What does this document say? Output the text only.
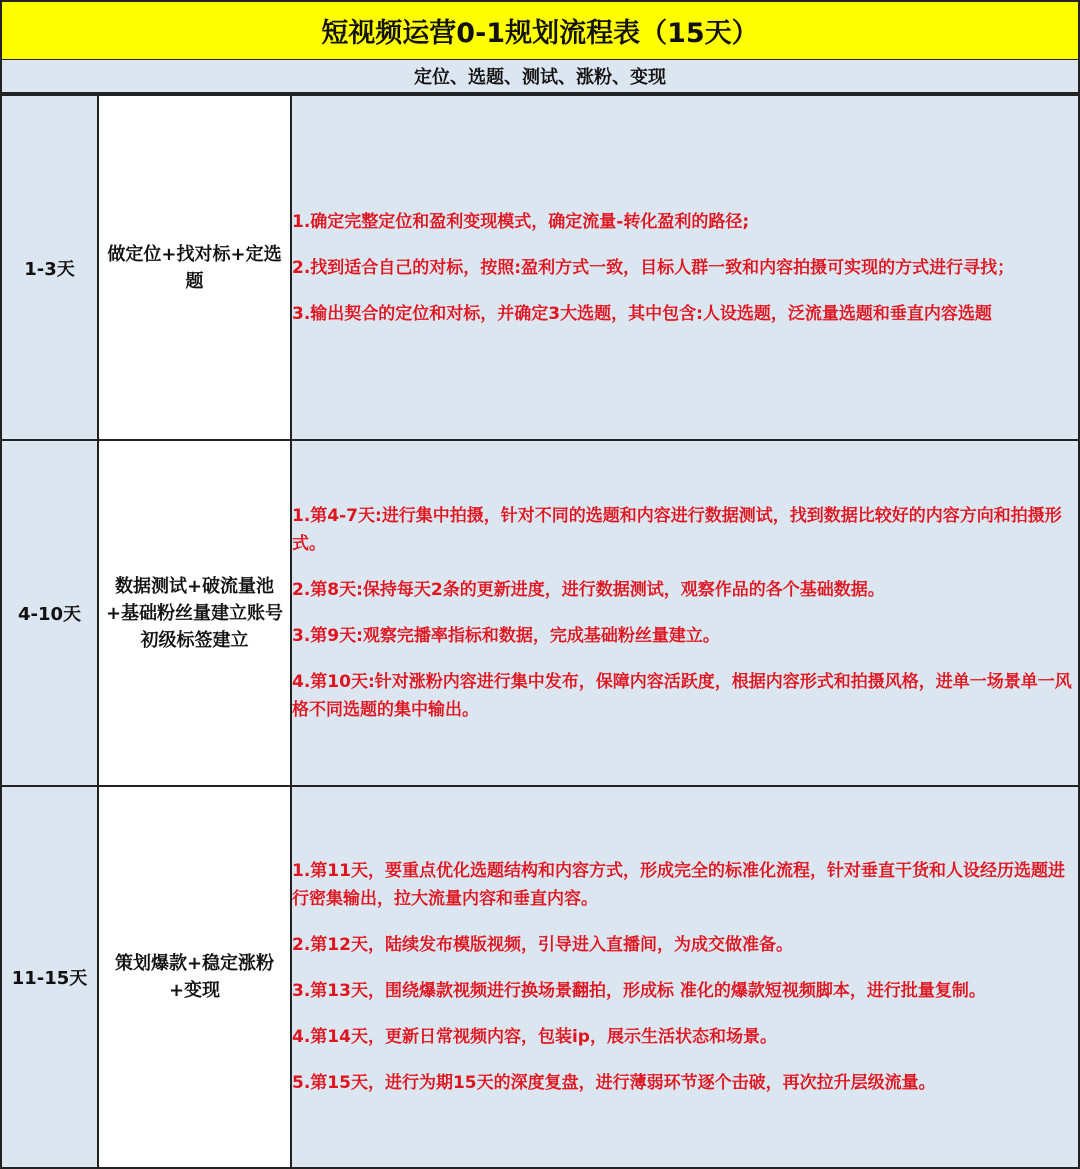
短视频运营0-1规划流程表（15天）
定位、选题、测试、涨粉、变现
1-3天	做定位+找对标+定选题	1.确定完整定位和盈利变现模式，确定流量-转化盈利的路径;

2.找到适合自己的对标，按照:盈利方式一致，目标人群一致和内容拍摄可实现的方式进行寻找；

3.输出契合的定位和对标，并确定3大选题，其中包含:人设选题，泛流量选题和垂直内容选题

4-10天	数据测试+破流量池+基础粉丝量建立账号初级标签建立	1.第4-7天:进行集中拍摄，针对不同的选题和内容进行数据测试，找到数据比较好的内容方向和拍摄形式。

2.第8天:保持每天2条的更新进度，进行数据测试，观察作品的各个基础数据。

3.第9天:观察完播率指标和数据，完成基础粉丝量建立。

4.第10天:针对涨粉内容进行集中发布，保障内容活跃度，根据内容形式和拍摄风格，进单一场景单一风格不同选题的集中输出。

11-15天	策划爆款+稳定涨粉+变现	1.第11天，要重点优化选题结构和内容方式，形成完全的标准化流程，针对垂直干货和人设经历选题进行密集输出，拉大流量内容和垂直内容。

2.第12天，陆续发布模版视频，引导进入直播间，为成交做准备。

3.第13天，围绕爆款视频进行换场景翻拍，形成标 准化的爆款短视频脚本，进行批量复制。

4.第14天，更新日常视频内容，包装ip，展示生活状态和场景。

5.第15天，进行为期15天的深度复盘，进行薄弱环节逐个击破，再次拉升层级流量。
